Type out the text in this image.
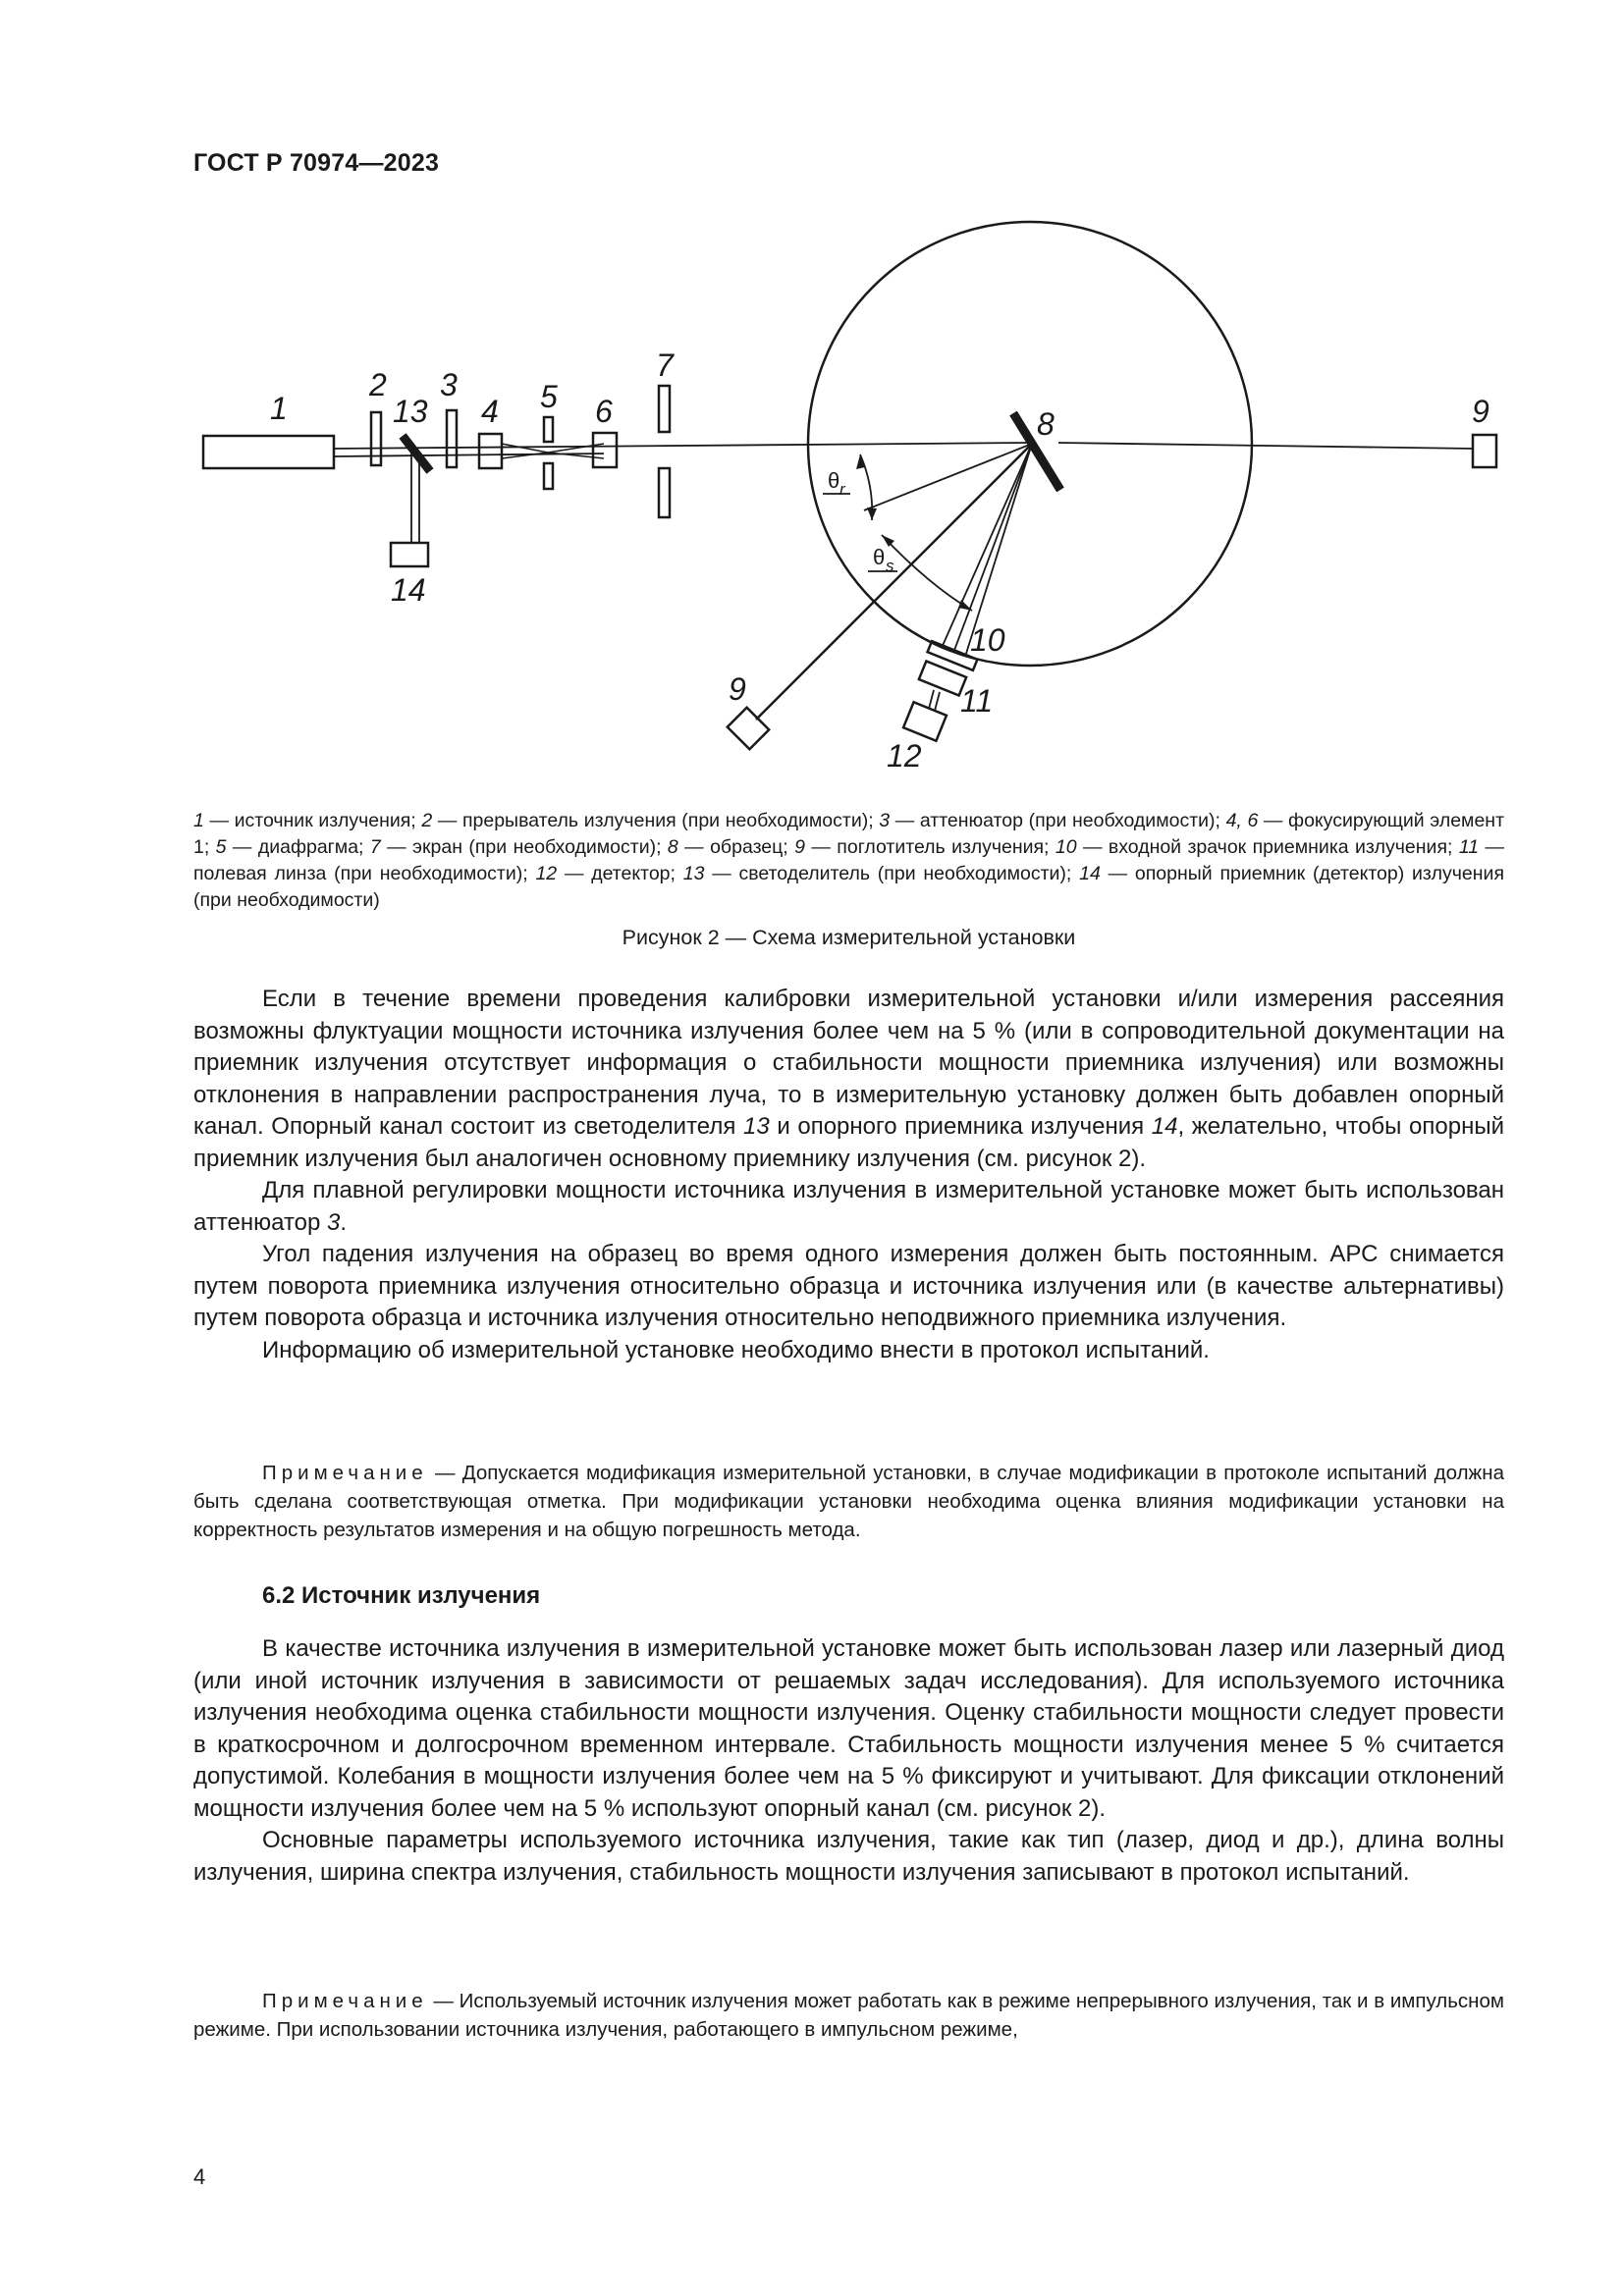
ГОСТ Р 70974—2023
1
2
13
3
4 5 6
7
8	9
9
10
11
12
14
θ r
θ s
1 — источник излучения; 2 — прерыватель излучения (при необходимости); 3 — аттенюатор (при необходимости); 4, 6 — фокусирующий элемент 1; 5 — диафрагма; 7 — экран (при необходимости); 8 — образец; 9 — поглотитель излучения; 10 — входной зрачок приемника излучения; 11 — полевая линза (при необходимости); 12 — детектор; 13 — светоделитель (при необходимости); 14 — опорный приемник (детектор) излучения (при необходимости)
Рисунок 2 — Схема измерительной установки

Если в течение времени проведения калибровки измерительной установки и/или измерения рассеяния возможны флуктуации мощности источника излучения более чем на 5 % (или в сопроводительной документации на приемник излучения отсутствует информация о стабильности мощности приемника излучения) или возможны отклонения в направлении распространения луча, то в измерительную установку должен быть добавлен опорный канал. Опорный канал состоит из светоделителя 13 и опорного приемника излучения 14, желательно, чтобы опорный приемник излучения был аналогичен основному приемнику излучения (см. рисунок 2).

Для плавной регулировки мощности источника излучения в измерительной установке может быть использован аттенюатор 3.

Угол падения излучения на образец во время одного измерения должен быть постоянным. АРС снимается путем поворота приемника излучения относительно образца и источника излучения или (в качестве альтернативы) путем поворота образца и источника излучения относительно неподвижного приемника излучения.

Информацию об измерительной установке необходимо внести в протокол испытаний.

Примечание — Допускается модификация измерительной установки, в случае модификации в протоколе испытаний должна быть сделана соответствующая отметка. При модификации установки необходима оценка влияния модификации установки на корректность результатов измерения и на общую погрешность метода.

6.2 Источник излучения

В качестве источника излучения в измерительной установке может быть использован лазер или лазерный диод (или иной источник излучения в зависимости от решаемых задач исследования). Для используемого источника излучения необходима оценка стабильности мощности излучения. Оценку стабильности мощности следует провести в краткосрочном и долгосрочном временном интервале. Стабильность мощности излучения менее 5 % считается допустимой. Колебания в мощности излучения более чем на 5 % фиксируют и учитывают. Для фиксации отклонений мощности излучения более чем на 5 % используют опорный канал (см. рисунок 2).

Основные параметры используемого источника излучения, такие как тип (лазер, диод и др.), длина волны излучения, ширина спектра излучения, стабильность мощности излучения записывают в протокол испытаний.

Примечание — Используемый источник излучения может работать как в режиме непрерывного излучения, так и в импульсном режиме. При использовании источника излучения, работающего в импульсном режиме,

4
